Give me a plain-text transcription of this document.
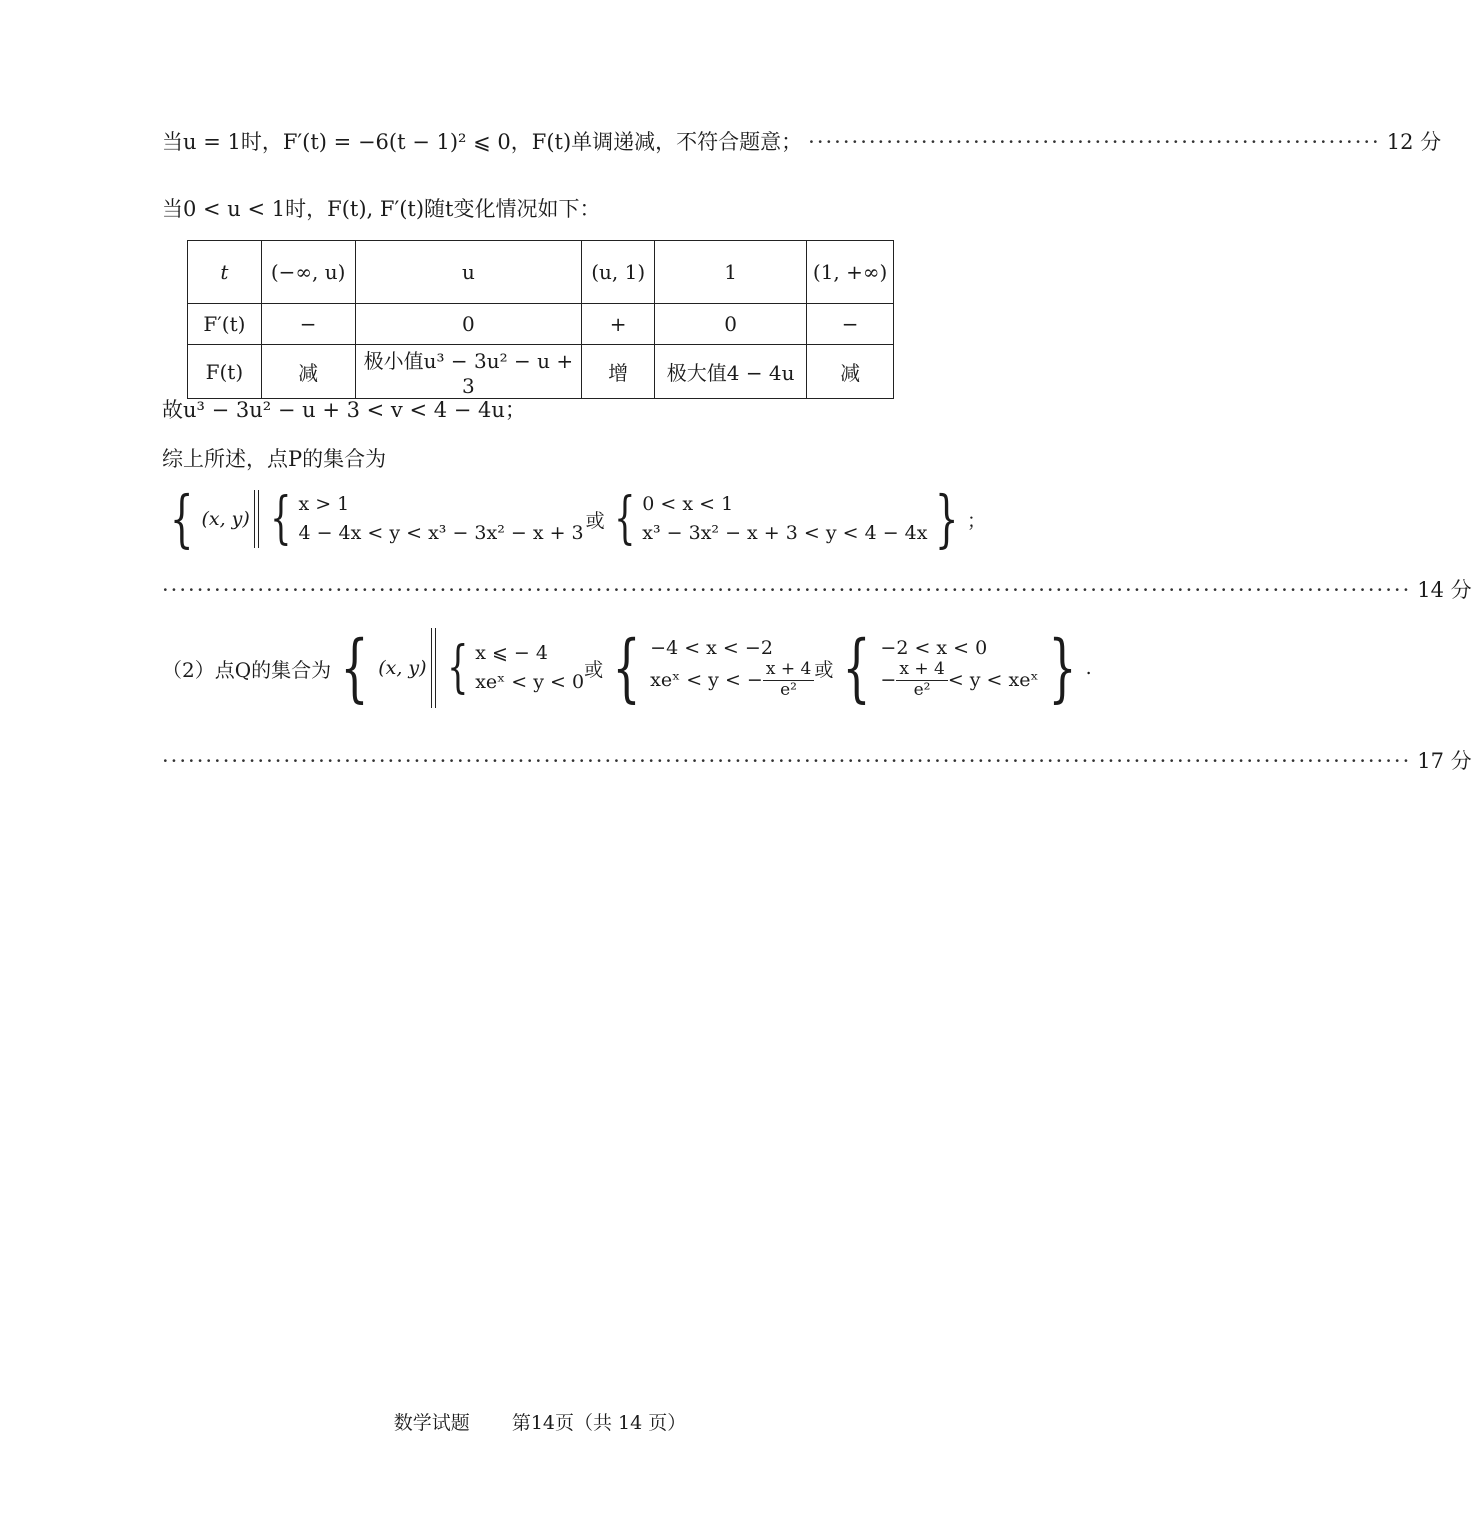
当u = 1时，F′(t) = −6(t − 1)² ⩽ 0，F(t)单调递减，不符合题意； ·································································· 12 分
当0 < u < 1时，F(t), F′(t)随t变化情况如下：
t	(−∞, u)	u	(u, 1)	1	(1, +∞)
F′(t)	−	0	+	0	−
F(t)	减	极小值u³ − 3u² − u + 3	增	极大值4 − 4u	减
故u³ − 3u² − u + 3 < v < 4 − 4u；
综上所述，点P的集合为
{ (x, y) { x > 1
4 − 4x < y < x³ − 3x² − x + 3
或 { 0 < x < 1
x³ − 3x² − x + 3 < y < 4 − 4x } ；
················································································································································ 14 分
（2）点Q的集合为 { (x, y) { x ⩽ − 4
xeˣ < y < 0
或 { −4 < x < −2
xeˣ < y < − $\frac{x + 4}{\text{e²}}$ 或 { −2 < x < 0
− $\frac{x + 4}{\text{e²}} < y$ < xeˣ } .
················································································································································ 17 分
数学试题 第14页（共 14 页）
